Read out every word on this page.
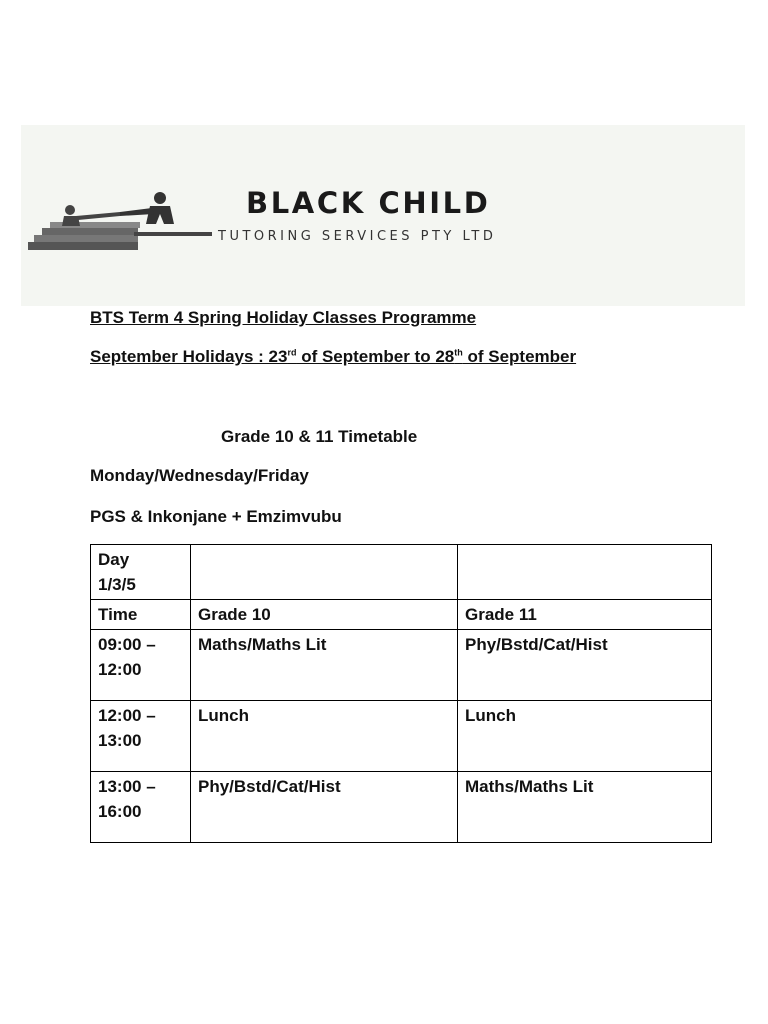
BLACK CHILD
TUTORING SERVICES PTY LTD

BTS Term 4 Spring Holiday Classes Programme

September Holidays : 23rd of September to 28th of September

Grade 10 & 11 Timetable

Monday/Wednesday/Friday

PGS & Inkonjane + Emzimvubu

Day
1/3/5		
Time	Grade 10	Grade 11
09:00 –
12:00	Maths/Maths Lit	Phy/Bstd/Cat/Hist
12:00 –
13:00	Lunch	Lunch
13:00 –
16:00	Phy/Bstd/Cat/Hist	Maths/Maths Lit
